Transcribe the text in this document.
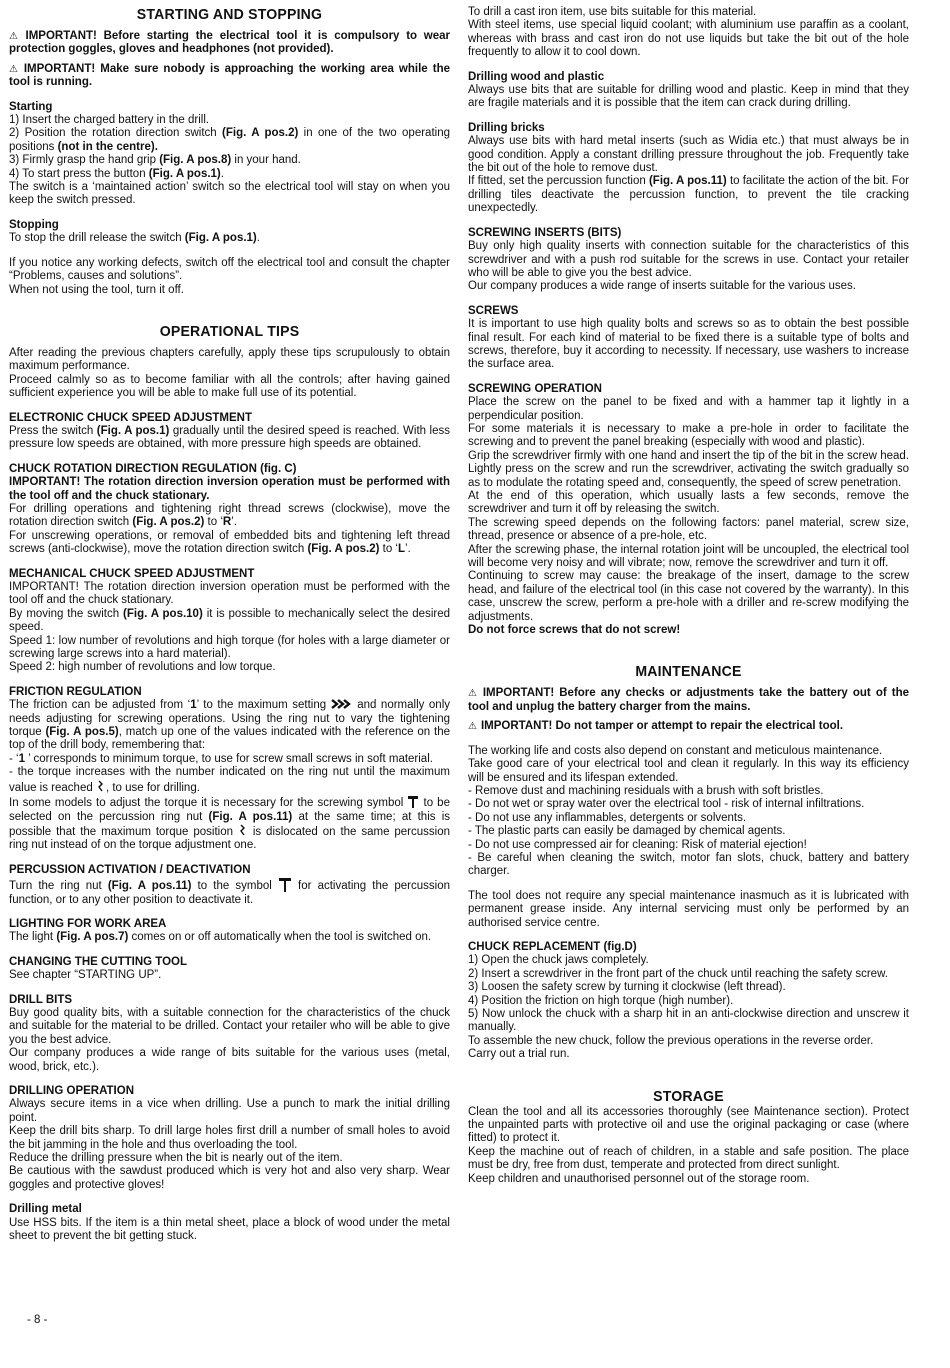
STARTING AND STOPPING

⚠ IMPORTANT! Before starting the electrical tool it is compulsory to wear protection goggles, gloves and headphones (not provided).

⚠ IMPORTANT! Make sure nobody is approaching the working area while the tool is running.

Starting

1) Insert the charged battery in the drill.

2) Position the rotation direction switch (Fig. A pos.2) in one of the two operating positions (not in the centre).

3) Firmly grasp the hand grip (Fig. A pos.8) in your hand.

4) To start press the button (Fig. A pos.1).

The switch is a ‘maintained action’ switch so the electrical tool will stay on when you keep the switch pressed.

Stopping

To stop the drill release the switch (Fig. A pos.1).

If you notice any working defects, switch off the electrical tool and consult the chapter “Problems, causes and solutions”.

When not using the tool, turn it off.

OPERATIONAL TIPS

After reading the previous chapters carefully, apply these tips scrupulously to obtain maximum performance.

Proceed calmly so as to become familiar with all the controls; after having gained sufficient experience you will be able to make full use of its potential.

ELECTRONIC CHUCK SPEED ADJUSTMENT

Press the switch (Fig. A pos.1) gradually until the desired speed is reached. With less pressure low speeds are obtained, with more pressure high speeds are obtained.

CHUCK ROTATION DIRECTION REGULATION (fig. C)

IMPORTANT! The rotation direction inversion operation must be performed with the tool off and the chuck stationary.

For drilling operations and tightening right thread screws (clockwise), move the rotation direction switch (Fig. A pos.2) to ‘R’.

For unscrewing operations, or removal of embedded bits and tightening left thread screws (anti-clockwise), move the rotation direction switch (Fig. A pos.2) to ‘L’.

MECHANICAL CHUCK SPEED ADJUSTMENT

IMPORTANT! The rotation direction inversion operation must be performed with the tool off and the chuck stationary.

By moving the switch (Fig. A pos.10) it is possible to mechanically select the desired speed.

Speed 1: low number of revolutions and high torque (for holes with a large diameter or screwing large screws into a hard material).

Speed 2: high number of revolutions and low torque.

FRICTION REGULATION

The friction can be adjusted from ‘1’ to the maximum setting  and normally only needs adjusting for screwing operations. Using the ring nut to vary the tightening torque (Fig. A pos.5), match up one of the values indicated with the reference on the top of the drill body, remembering that:

- ‘1 ’ corresponds to minimum torque, to use for screw small screws in soft material.

- the torque increases with the number indicated on the ring nut until the maximum value is reached , to use for drilling.

In some models to adjust the torque it is necessary for the screwing symbol  to be selected on the percussion ring nut (Fig. A pos.11) at the same time; at this is possible that the maximum torque position  is dislocated on the same percussion ring nut instead of on the torque adjustment one.

PERCUSSION ACTIVATION / DEACTIVATION

Turn the ring nut (Fig. A pos.11) to the symbol  for activating the percussion function, or to any other position to deactivate it.

LIGHTING FOR WORK AREA

The light (Fig. A pos.7) comes on or off automatically when the tool is switched on.

CHANGING THE CUTTING TOOL

See chapter “STARTING UP”.

DRILL BITS

Buy good quality bits, with a suitable connection for the characteristics of the chuck and suitable for the material to be drilled. Contact your retailer who will be able to give you the best advice.

Our company produces a wide range of bits suitable for the various uses (metal, wood, brick, etc.).

DRILLING OPERATION

Always secure items in a vice when drilling. Use a punch to mark the initial drilling point.

Keep the drill bits sharp. To drill large holes first drill a number of small holes to avoid the bit jamming in the hole and thus overloading the tool.

Reduce the drilling pressure when the bit is nearly out of the item.

Be cautious with the sawdust produced which is very hot and also very sharp. Wear goggles and protective gloves!

Drilling metal

Use HSS bits. If the item is a thin metal sheet, place a block of wood under the metal sheet to prevent the bit getting stuck.

To drill a cast iron item, use bits suitable for this material.

With steel items, use special liquid coolant; with aluminium use paraffin as a coolant, whereas with brass and cast iron do not use liquids but take the bit out of the hole frequently to allow it to cool down.

Drilling wood and plastic

Always use bits that are suitable for drilling wood and plastic. Keep in mind that they are fragile materials and it is possible that the item can crack during drilling.

Drilling bricks

Always use bits with hard metal inserts (such as Widia etc.) that must always be in good condition. Apply a constant drilling pressure throughout the job. Frequently take the bit out of the hole to remove dust.

If fitted, set the percussion function (Fig. A pos.11) to facilitate the action of the bit. For drilling tiles deactivate the percussion function, to prevent the tile cracking unexpectedly.

SCREWING INSERTS (BITS)

Buy only high quality inserts with connection suitable for the characteristics of this screwdriver and with a push rod suitable for the screws in use. Contact your retailer who will be able to give you the best advice.

Our company produces a wide range of inserts suitable for the various uses.

SCREWS

It is important to use high quality bolts and screws so as to obtain the best possible final result. For each kind of material to be fixed there is a suitable type of bolts and screws, therefore, buy it according to necessity. If necessary, use washers to increase the surface area.

SCREWING OPERATION

Place the screw on the panel to be fixed and with a hammer tap it lightly in a perpendicular position.

For some materials it is necessary to make a pre-hole in order to facilitate the screwing and to prevent the panel breaking (especially with wood and plastic).

Grip the screwdriver firmly with one hand and insert the tip of the bit in the screw head. Lightly press on the screw and run the screwdriver, activating the switch gradually so as to modulate the rotating speed and, consequently, the speed of screw penetration.

At the end of this operation, which usually lasts a few seconds, remove the screwdriver and turn it off by releasing the switch.

The screwing speed depends on the following factors: panel material, screw size, thread, presence or absence of a pre-hole, etc.

After the screwing phase, the internal rotation joint will be uncoupled, the electrical tool will become very noisy and will vibrate; now, remove the screwdriver and turn it off.

Continuing to screw may cause: the breakage of the insert, damage to the screw head, and failure of the electrical tool (in this case not covered by the warranty). In this case, unscrew the screw, perform a pre-hole with a driller and re-screw modifying the adjustments.

Do not force screws that do not screw!

MAINTENANCE

⚠ IMPORTANT! Before any checks or adjustments take the battery out of the tool and unplug the battery charger from the mains.

⚠ IMPORTANT! Do not tamper or attempt to repair the electrical tool.

The working life and costs also depend on constant and meticulous maintenance.

Take good care of your electrical tool and clean it regularly. In this way its efficiency will be ensured and its lifespan extended.

- Remove dust and machining residuals with a brush with soft bristles.

- Do not wet or spray water over the electrical tool - risk of internal infiltrations.

- Do not use any inflammables, detergents or solvents.

- The plastic parts can easily be damaged by chemical agents.

- Do not use compressed air for cleaning: Risk of material ejection!

- Be careful when cleaning the switch, motor fan slots, chuck, battery and battery charger.

The tool does not require any special maintenance inasmuch as it is lubricated with permanent grease inside. Any internal servicing must only be performed by an authorised service centre.

CHUCK REPLACEMENT (fig.D)

1) Open the chuck jaws completely.

2) Insert a screwdriver in the front part of the chuck until reaching the safety screw.

3) Loosen the safety screw by turning it clockwise (left thread).

4) Position the friction on high torque (high number).

5) Now unlock the chuck with a sharp hit in an anti-clockwise direction and unscrew it manually.

To assemble the new chuck, follow the previous operations in the reverse order.

Carry out a trial run.

STORAGE

Clean the tool and all its accessories thoroughly (see Maintenance section). Protect the unpainted parts with protective oil and use the original packaging or case (where fitted) to protect it.

Keep the machine out of reach of children, in a stable and safe position. The place must be dry, free from dust, temperate and protected from direct sunlight.

Keep children and unauthorised personnel out of the storage room.

- 8 -
